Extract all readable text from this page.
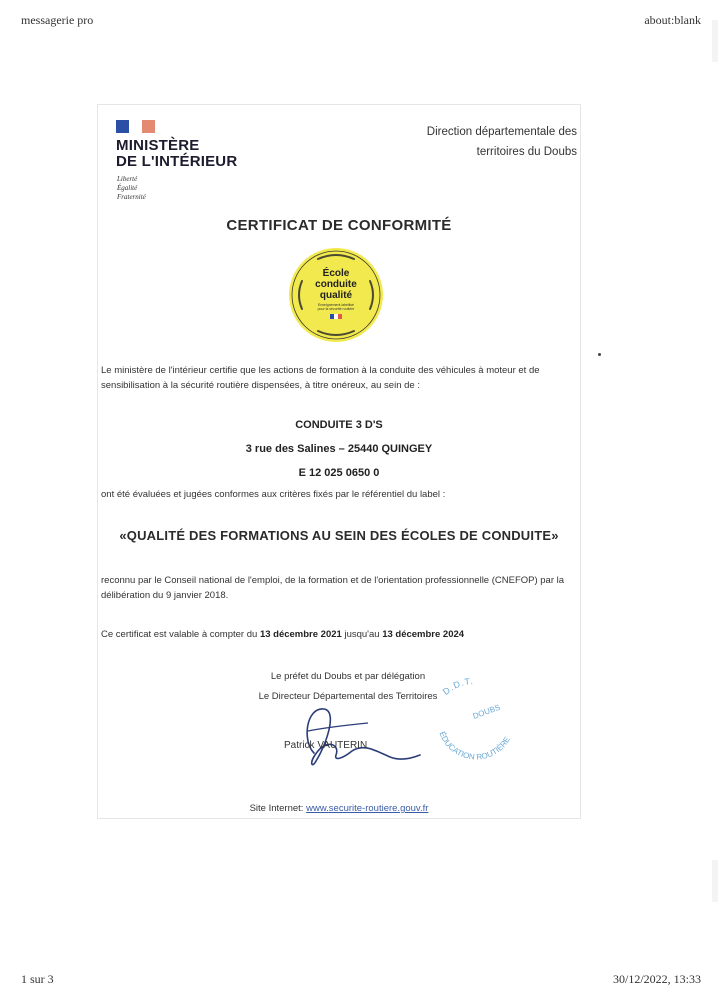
messagerie pro	about:blank
MINISTÈRE
DE L'INTÉRIEUR
Liberté
Égalité
Fraternité
Direction départementale des
territoires du Doubs
CERTIFICAT DE CONFORMITÉ
École
conduite
qualité
Enseignement labellisé
pour la sécurité routière
Le ministère de l'intérieur certifie que les actions de formation à la conduite des véhicules à moteur et de sensibilisation à la sécurité routière dispensées, à titre onéreux, au sein de :
CONDUITE 3 D'S
3 rue des Salines – 25440 QUINGEY
E 12 025 0650 0
ont été évaluées et jugées conformes aux critères fixés par le référentiel du label :
«QUALITÉ DES FORMATIONS AU SEIN DES ÉCOLES DE CONDUITE»
reconnu par le Conseil national de l'emploi, de la formation et de l'orientation professionnelle (CNEFOP) par la délibération du 9 janvier 2018.
Ce certificat est valable à compter du 13 décembre 2021 jusqu'au 13 décembre 2024
Le préfet du Doubs et par délégation
Le Directeur Départemental des Territoires
Patrick VAUTERIN
D.D.T.
DOUBS
ÉDUCATION ROUTIÈRE
Site Internet: www.securite-routiere.gouv.fr
1 sur 3	30/12/2022, 13:33
